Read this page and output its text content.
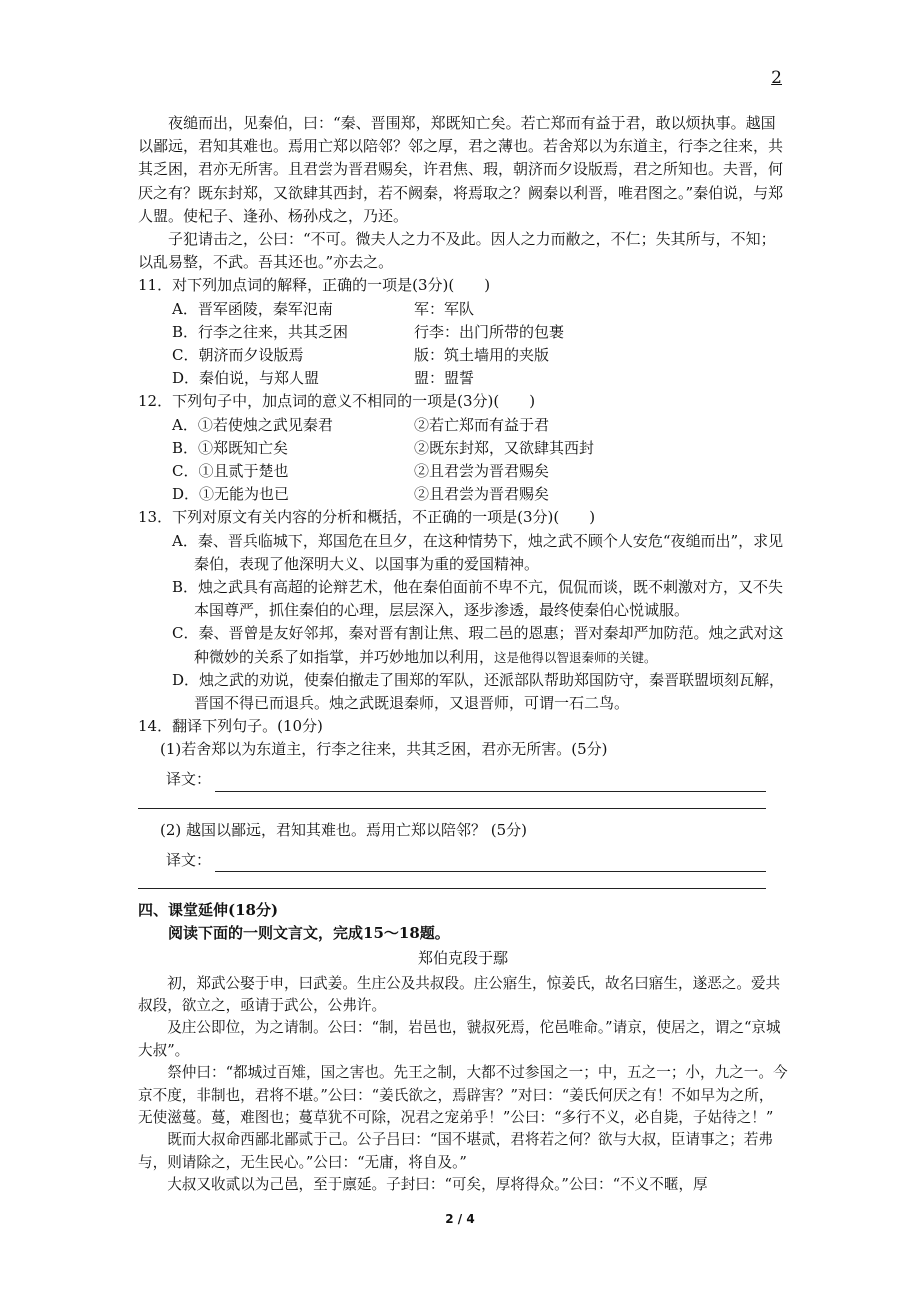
2

夜缒而出，见秦伯，曰：“秦、晋围郑，郑既知亡矣。若亡郑而有益于君，敢以烦执事。越国以鄙远，君知其难也。焉用亡郑以陪邻？邻之厚，君之薄也。若舍郑以为东道主，行李之往来，共其乏困，君亦无所害。且君尝为晋君赐矣，许君焦、瑕，朝济而夕设版焉，君之所知也。夫晋，何厌之有？既东封郑，又欲肆其西封，若不阙秦，将焉取之？阙秦以利晋，唯君图之。”秦伯说，与郑人盟。使杞子、逢孙、杨孙戍之，乃还。

子犯请击之，公曰：“不可。微夫人之力不及此。因人之力而敝之，不仁；失其所与，不知；以乱易整，不武。吾其还也。”亦去之。

11．对下列加点词的解释，正确的一项是(3分)(　　)

A．晋军函陵，秦军氾南	军：军队
B．行李之往来，共其乏困	行李：出门所带的包裹
C．朝济而夕设版焉	版：筑土墙用的夹版
D．秦伯说，与郑人盟	盟：盟誓

12．下列句子中，加点词的意义不相同的一项是(3分)(　　)

A．①若使烛之武见秦君	②若亡郑而有益于君
B．①郑既知亡矣	②既东封郑，又欲肆其西封
C．①且贰于楚也	②且君尝为晋君赐矣
D．①无能为也已	②且君尝为晋君赐矣

13．下列对原文有关内容的分析和概括，不正确的一项是(3分)(　　)

A．秦、晋兵临城下，郑国危在旦夕，在这种情势下，烛之武不顾个人安危“夜缒而出”，求见秦伯，表现了他深明大义、以国事为重的爱国精神。

B．烛之武具有高超的论辩艺术，他在秦伯面前不卑不亢，侃侃而谈，既不刺激对方，又不失本国尊严，抓住秦伯的心理，层层深入，逐步渗透，最终使秦伯心悦诚服。

C．秦、晋曾是友好邻邦，秦对晋有割让焦、瑕二邑的恩惠；晋对秦却严加防范。烛之武对这种微妙的关系了如指掌，并巧妙地加以利用，这是他得以智退秦师的关键。

D．烛之武的劝说，使秦伯撤走了围郑的军队，还派部队帮助郑国防守，秦晋联盟顷刻瓦解，晋国不得已而退兵。烛之武既退秦师，又退晋师，可谓一石二鸟。

14．翻译下列句子。(10分)

(1)若舍郑以为东道主，行李之往来，共其乏困，君亦无所害。(5分)

译文：

(2) 越国以鄙远，君知其难也。焉用亡郑以陪邻？ (5分)

译文：

四、课堂延伸(18分)

阅读下面的一则文言文，完成15～18题。

郑伯克段于鄢

初，郑武公娶于申，曰武姜。生庄公及共叔段。庄公寤生，惊姜氏，故名曰寤生，遂恶之。爱共叔段，欲立之，亟请于武公，公弗许。

及庄公即位，为之请制。公曰：“制，岩邑也，虢叔死焉，佗邑唯命。”请京，使居之，谓之“京城大叔”。

祭仲曰：“都城过百雉，国之害也。先王之制，大都不过参国之一；中，五之一；小，九之一。今京不度，非制也，君将不堪。”公曰：“姜氏欲之，焉辟害？”对曰：“姜氏何厌之有！不如早为之所，无使滋蔓。蔓，难图也；蔓草犹不可除，况君之宠弟乎！”公曰：“多行不义，必自毙，子姑待之！”

既而大叔命西鄙北鄙贰于己。公子吕曰：“国不堪贰，君将若之何？欲与大叔，臣请事之；若弗与，则请除之，无生民心。”公曰：“无庸，将自及。”

大叔又收贰以为己邑，至于廪延。子封曰：“可矣，厚将得众。”公曰：“不义不暱，厚

2 / 4
